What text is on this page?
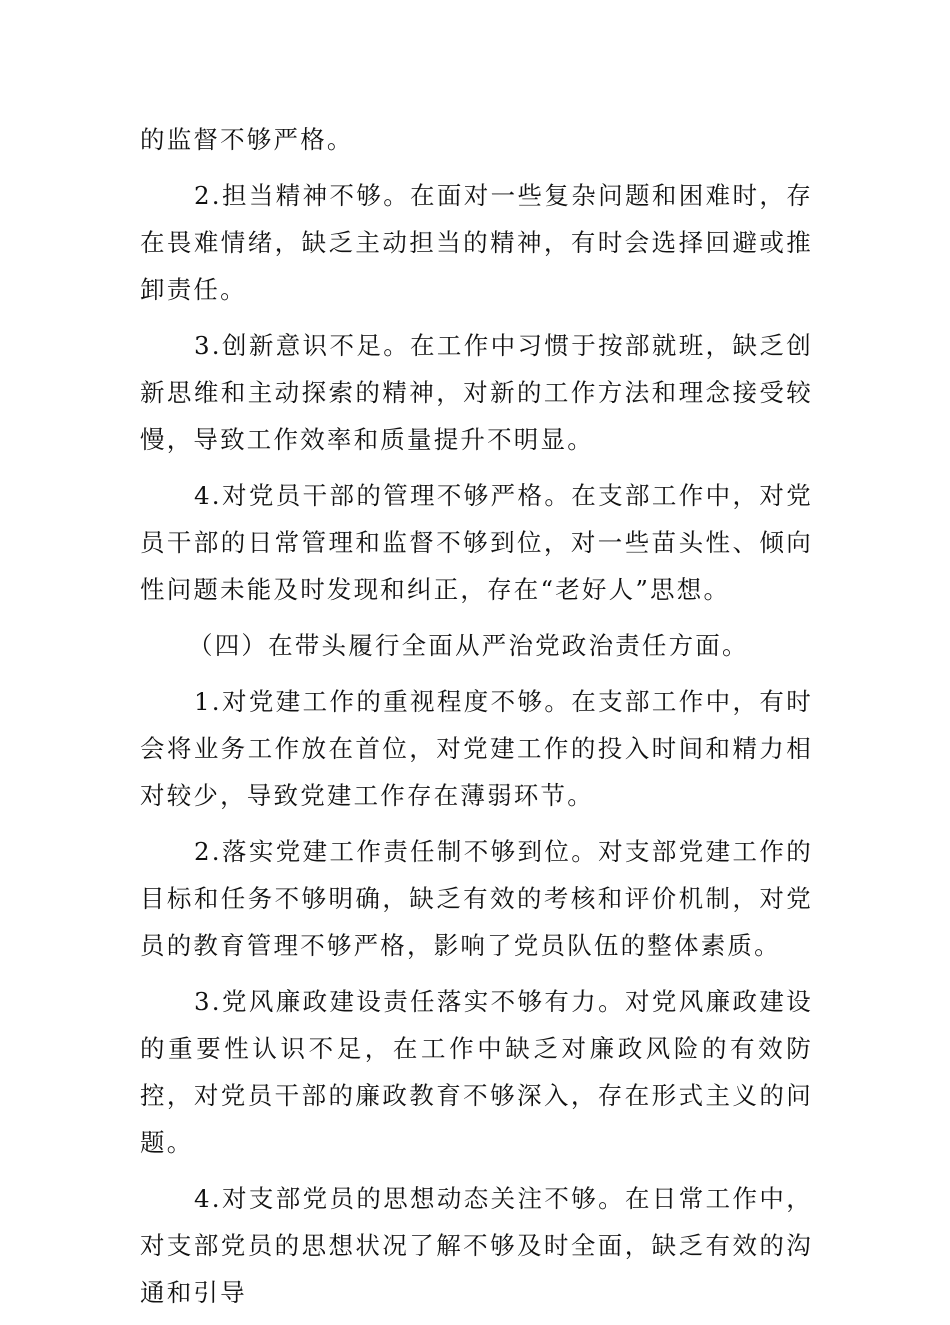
的监督不够严格。

2.担当精神不够。在面对一些复杂问题和困难时，存在畏难情绪，缺乏主动担当的精神，有时会选择回避或推卸责任。

3.创新意识不足。在工作中习惯于按部就班，缺乏创新思维和主动探索的精神，对新的工作方法和理念接受较慢，导致工作效率和质量提升不明显。

4.对党员干部的管理不够严格。在支部工作中，对党员干部的日常管理和监督不够到位，对一些苗头性、倾向性问题未能及时发现和纠正，存在“老好人”思想。

（四）在带头履行全面从严治党政治责任方面。

1.对党建工作的重视程度不够。在支部工作中，有时会将业务工作放在首位，对党建工作的投入时间和精力相对较少，导致党建工作存在薄弱环节。

2.落实党建工作责任制不够到位。对支部党建工作的目标和任务不够明确，缺乏有效的考核和评价机制，对党员的教育管理不够严格，影响了党员队伍的整体素质。

3.党风廉政建设责任落实不够有力。对党风廉政建设的重要性认识不足，在工作中缺乏对廉政风险的有效防控，对党员干部的廉政教育不够深入，存在形式主义的问题。

4.对支部党员的思想动态关注不够。在日常工作中，对支部党员的思想状况了解不够及时全面，缺乏有效的沟通和引导
